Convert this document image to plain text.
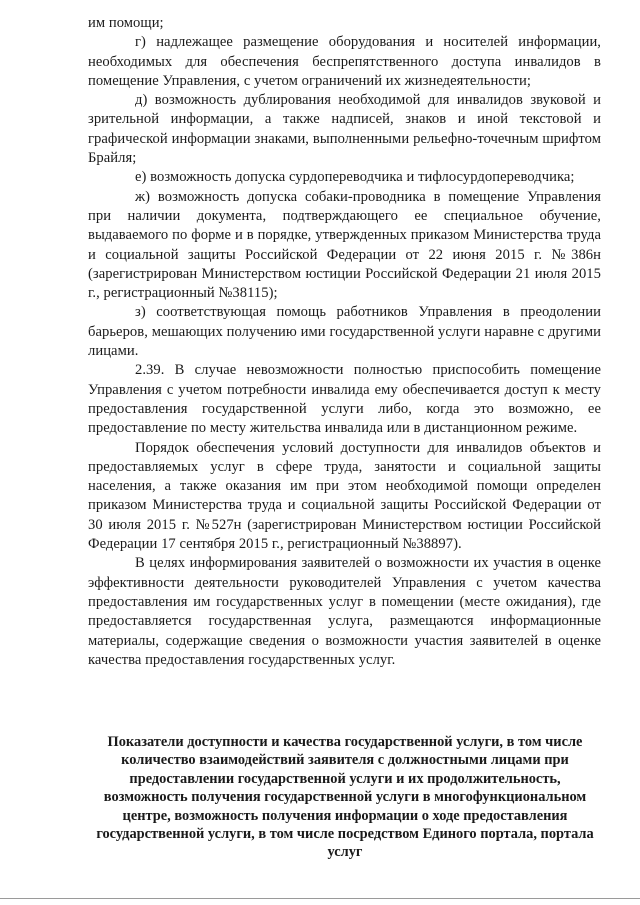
им помощи;

г) надлежащее размещение оборудования и носителей информации, необходимых для обеспечения беспрепятственного доступа инвалидов в помещение Управления, с учетом ограничений их жизнедеятельности;

д) возможность дублирования необходимой для инвалидов звуковой и зрительной информации, а также надписей, знаков и иной текстовой и графической информации знаками, выполненными рельефно-точечным шрифтом Брайля;

е) возможность допуска сурдопереводчика и тифлосурдопереводчика;

ж) возможность допуска собаки-проводника в помещение Управления при наличии документа, подтверждающего ее специальное обучение, выдаваемого по форме и в порядке, утвержденных приказом Министерства труда и социальной защиты Российской Федерации от 22 июня 2015 г. №386н (зарегистрирован Министерством юстиции Российской Федерации 21 июля 2015 г., регистрационный №38115);

з) соответствующая помощь работников Управления в преодолении барьеров, мешающих получению ими государственной услуги наравне с другими лицами.

2.39. В случае невозможности полностью приспособить помещение Управления с учетом потребности инвалида ему обеспечивается доступ к месту предоставления государственной услуги либо, когда это возможно, ее предоставление по месту жительства инвалида или в дистанционном режиме.

Порядок обеспечения условий доступности для инвалидов объектов и предоставляемых услуг в сфере труда, занятости и социальной защиты населения, а также оказания им при этом необходимой помощи определен приказом Министерства труда и социальной защиты Российской Федерации от 30 июля 2015 г. №527н (зарегистрирован Министерством юстиции Российской Федерации 17 сентября 2015 г., регистрационный №38897).

В целях информирования заявителей о возможности их участия в оценке эффективности деятельности руководителей Управления с учетом качества предоставления им государственных услуг в помещении (месте ожидания), где предоставляется государственная услуга, размещаются информационные материалы, содержащие сведения о возможности участия заявителей в оценке качества предоставления государственных услуг.

Показатели доступности и качества государственной услуги, в том числе количество взаимодействий заявителя с должностными лицами при предоставлении государственной услуги и их продолжительность, возможность получения государственной услуги в многофункциональном центре, возможность получения информации о ходе предоставления государственной услуги, в том числе посредством Единого портала, портала услуг
